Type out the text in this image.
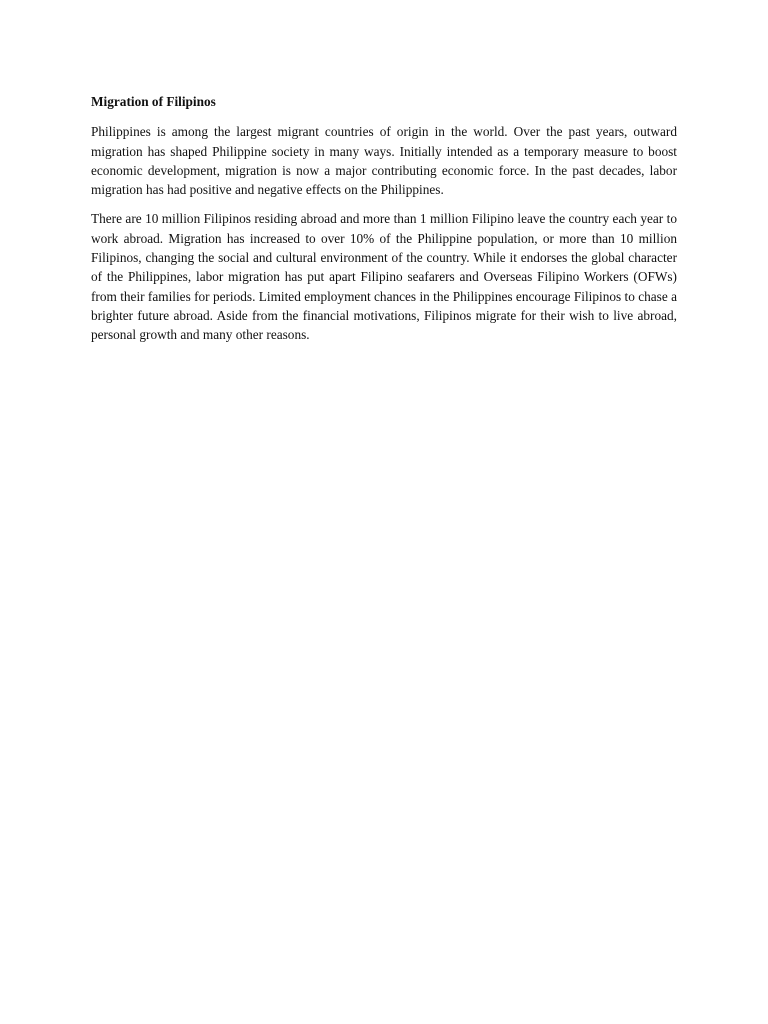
Migration of Filipinos

Philippines is among the largest migrant countries of origin in the world. Over the past years, outward migration has shaped Philippine society in many ways. Initially intended as a temporary measure to boost economic development, migration is now a major contributing economic force. In the past decades, labor migration has had positive and negative effects on the Philippines.

There are 10 million Filipinos residing abroad and more than 1 million Filipino leave the country each year to work abroad. Migration has increased to over 10% of the Philippine population, or more than 10 million Filipinos, changing the social and cultural environment of the country. While it endorses the global character of the Philippines, labor migration has put apart Filipino seafarers and Overseas Filipino Workers (OFWs) from their families for periods. Limited employment chances in the Philippines encourage Filipinos to chase a brighter future abroad. Aside from the financial motivations, Filipinos migrate for their wish to live abroad, personal growth and many other reasons.
